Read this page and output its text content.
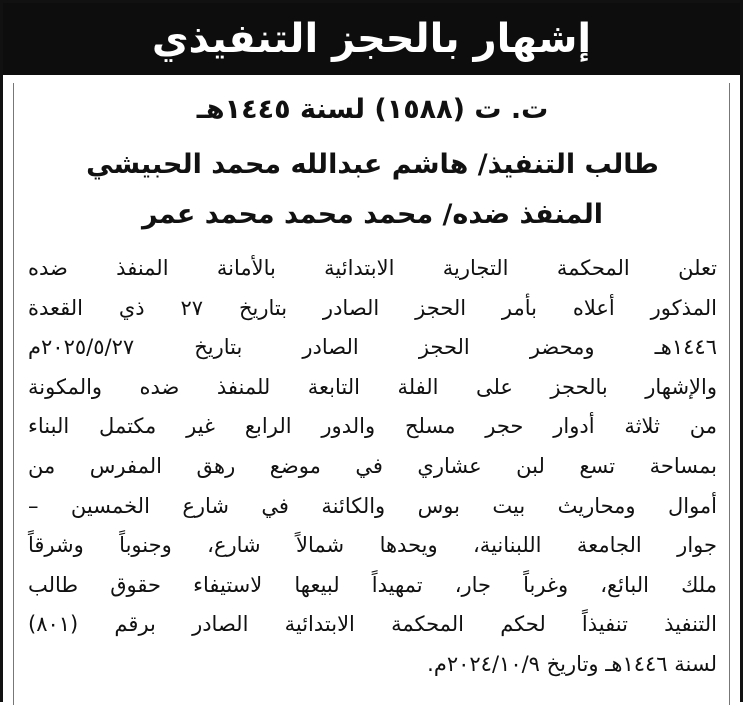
إشهار بالحجز التنفيذي
ت. ت (١٥٨٨) لسنة ١٤٤٥هـ
طالب التنفيذ/ هاشم عبدالله محمد الحبيشي
المنفذ ضده/ محمد محمد محمد عمر
تعلن المحكمة التجارية الابتدائية بالأمانة المنفذ ضده
المذكور أعلاه بأمر الحجز الصادر بتاريخ ٢٧ ذي القعدة
١٤٤٦هـ ومحضر الحجز الصادر بتاريخ ٢٠٢٥/٥/٢٧م
والإشهار بالحجز على الفلة التابعة للمنفذ ضده والمكونة
من ثلاثة أدوار حجر مسلح والدور الرابع غير مكتمل البناء
بمساحة تسع لبن عشاري في موضع رهق المفرس من
أموال ومحاريث بيت بوس والكائنة في شارع الخمسين –
جوار الجامعة اللبنانية، ويحدها شمالاً شارع، وجنوباً وشرقاً
ملك البائع، وغرباً جار، تمهيداً لبيعها لاستيفاء حقوق طالب
التنفيذ تنفيذاً لحكم المحكمة الابتدائية الصادر برقم (٨٠١)
لسنة ١٤٤٦هـ وتاريخ ٢٠٢٤/١٠/٩م.
